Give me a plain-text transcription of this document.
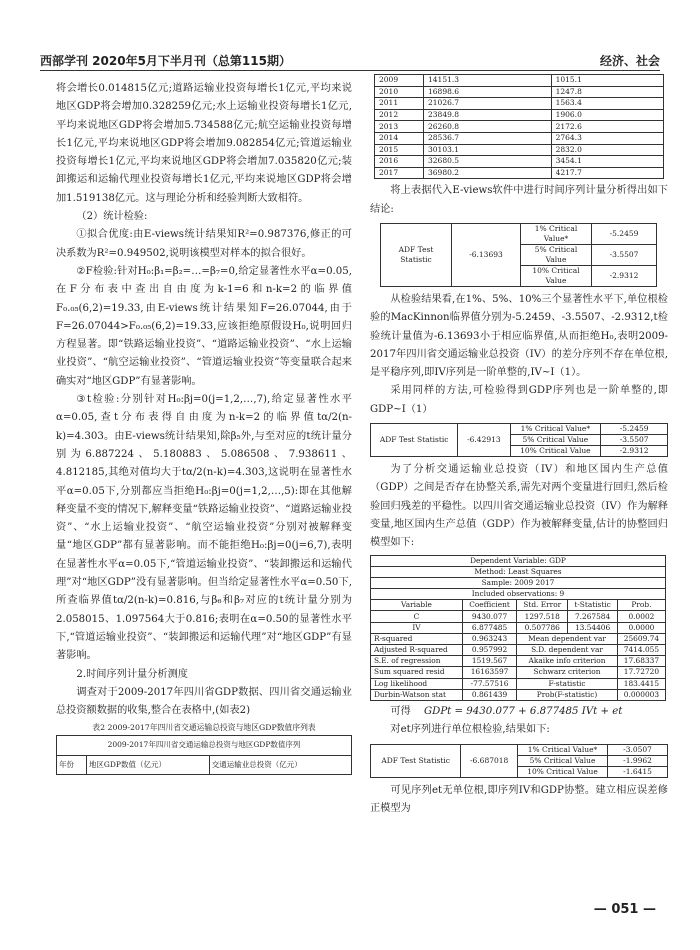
西部学刊 2020年5月下半月刊（总第115期）	经济、社会

将会增长0.014815亿元;道路运输业投资每增长1亿元,平均来说地区GDP将会增加0.328259亿元;水上运输业投资每增长1亿元,平均来说地区GDP将会增加5.734588亿元;航空运输业投资每增长1亿元,平均来说地区GDP将会增加9.082854亿元;管道运输业投资每增长1亿元,平均来说地区GDP将会增加7.035820亿元;装卸搬运和运输代理业投资每增长1亿元,平均来说地区GDP将会增加1.519138亿元。这与理论分析和经验判断大致相符。

（2）统计检验:

①拟合优度:由E-views统计结果知R²=0.987376,修正的可决系数为R²=0.949502,说明该模型对样本的拟合很好。

②F检验:针对H₀:β₁=β₂=…=β₇=0,给定显著性水平α=0.05,在F分布表中查出自由度为k-1=6和n-k=2的临界值F₀.₀₅(6,2)=19.33,由E-views统计结果知F=26.07044,由于F=26.07044>F₀.₀₅(6,2)=19.33,应该拒绝原假设H₀,说明回归方程显著。即“铁路运输业投资”、“道路运输业投资”、“水上运输业投资”、“航空运输业投资”、“管道运输业投资”等变量联合起来确实对“地区GDP”有显著影响。

③t检验:分别针对H₀:βj=0(j=1,2,…,7),给定显著性水平α=0.05,查t分布表得自由度为n-k=2的临界值tα/2(n-k)=4.303。由E-views统计结果知,除β₅外,与至对应的t统计量分别为6.887224、5.180883、5.086508、7.938611、4.812185,其绝对值均大于tα/2(n-k)=4.303,这说明在显著性水平α=0.05下,分别都应当拒绝H₀:βj=0(j=1,2,…,5):即在其他解释变量不变的情况下,解释变量“铁路运输业投资”、“道路运输业投资”、“水上运输业投资”、“航空运输业投资”分别对被解释变量“地区GDP”都有显著影响。而不能拒绝H₀:βj=0(j=6,7),表明在显著性水平α=0.05下,“管道运输业投资”、“装卸搬运和运输代理”对“地区GDP”没有显著影响。但当给定显著性水平α=0.50下,所查临界值tα/2(n-k)=0.816,与β₆和β₇对应的t统计量分别为2.058015、1.097564大于0.816;表明在α=0.50的显著性水平下,“管道运输业投资”、“装卸搬运和运输代理”对“地区GDP”有显著影响。

2.时间序列计量分析测度

调查对于2009-2017年四川省GDP数据、四川省交通运输业总投资额数据的收集,整合在表格中,(如表2)

表2 2009-2017年四川省交通运输总投资与地区GDP数值序列表
2009-2017年四川省交通运输总投资与地区GDP数值序列
年份	地区GDP数值（亿元）	交通运输业总投资（亿元）
2009	14151.3	1015.1
2010	16898.6	1247.8
2011	21026.7	1563.4
2012	23849.8	1906.0
2013	26260.8	2172.6
2014	28536.7	2764.3
2015	30103.1	2832.0
2016	32680.5	3454.1
2017	36980.2	4217.7

将上表据代入E-views软件中进行时间序列计量分析得出如下结论:

ADF Test Statistic	-6.13693	1% Critical Value*	-5.2459
		5% Critical Value	-3.5507
		10% Critical Value	-2.9312

从检验结果看,在1%、5%、10%三个显著性水平下,单位根检验的MacKinnon临界值分别为-5.2459、-3.5507、-2.9312,t检验统计量值为-6.13693小于相应临界值,从而拒绝H₀,表明2009-2017年四川省交通运输业总投资（IV）的差分序列不存在单位根,是平稳序列,即IV序列是一阶单整的,IV~I（1）。

采用同样的方法,可检验得到GDP序列也是一阶单整的,即GDP~I（1）

ADF Test Statistic	-6.42913	1% Critical Value*	-5.2459
		5% Critical Value	-3.5507
		10% Critical Value	-2.9312

为了分析交通运输业总投资（IV）和地区国内生产总值（GDP）之间是否存在协整关系,需先对两个变量进行回归,然后检验回归残差的平稳性。以四川省交通运输业总投资（IV）作为解释变量,地区国内生产总值（GDP）作为被解释变量,估计的协整回归模型如下:

Dependent Variable: GDP				
Method: Least Squares				
Sample: 2009 2017				
Included observations: 9				
Variable	Coefficient	Std. Error	t-Statistic	Prob.
C	9430.077	1297.518	7.267584	0.0002
IV	6.877485	0.507786	13.54406	0.0000
R-squared	0.963243	Mean dependent var		25609.74
Adjusted R-squared	0.957992	S.D. dependent var		7414.055
S.E. of regression	1519.567	Akaike info criterion		17.68337
Sum squared resid	16163597	Schwarz criterion		17.72720
Log likelihood	-77.57516	F-statistic		183.4415
Durbin-Watson stat	0.861439	Prob(F-statistic)		0.000003

可得 GDPt = 9430.077 + 6.877485 IVt + et

对et序列进行单位根检验,结果如下:

ADF Test Statistic	-6.687018	1% Critical Value*	-3.0507
		5% Critical Value	-1.9962
		10% Critical Value	-1.6415

可见序列et无单位根,即序列IV和GDP协整。建立相应误差修正模型为

— 051 —
